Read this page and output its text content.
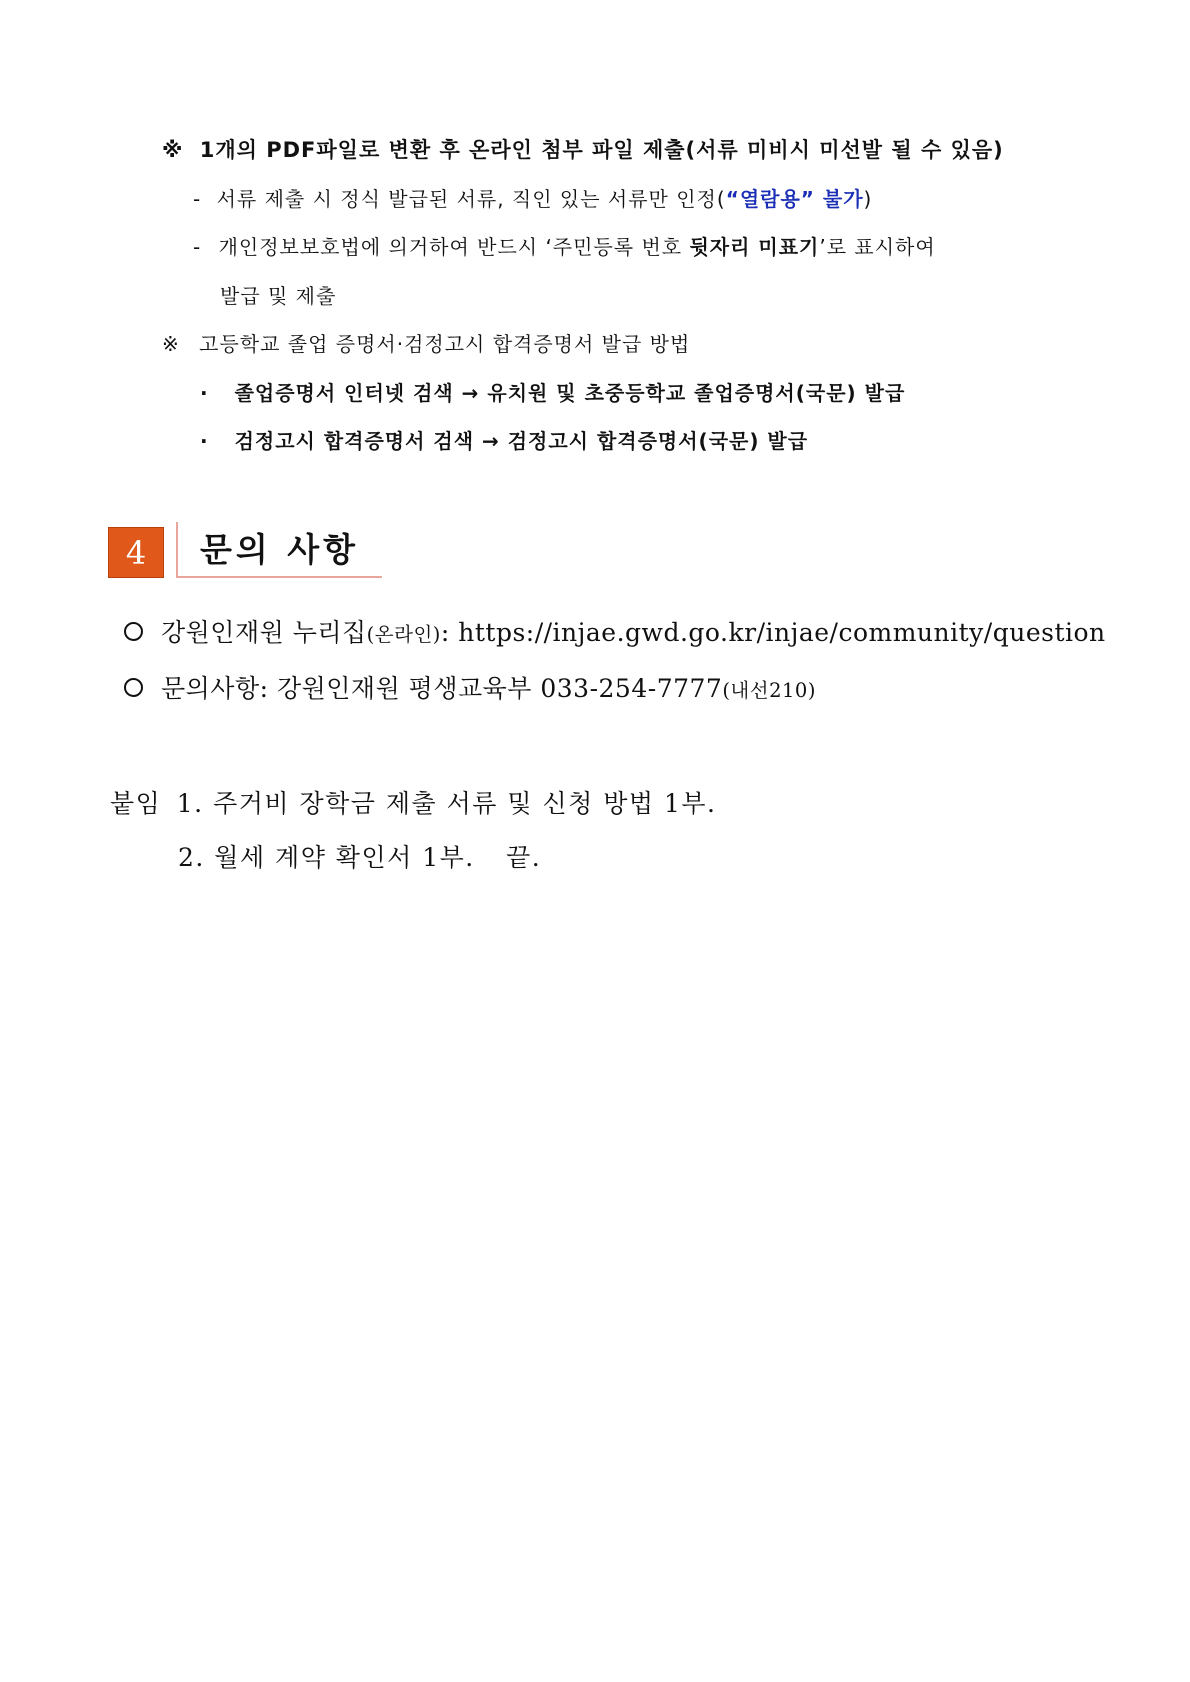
※ 1개의 PDF파일로 변환 후 온라인 첨부 파일 제출(서류 미비시 미선발 될 수 있음)
- 서류 제출 시 정식 발급된 서류, 직인 있는 서류만 인정(“열람용” 불가)
- 개인정보보호법에 의거하여 반드시 ‘주민등록 번호 뒷자리 미표기’로 표시하여
발급 및 제출
※ 고등학교 졸업 증명서·검정고시 합격증명서 발급 방법
· 졸업증명서 인터넷 검색 → 유치원 및 초중등학교 졸업증명서(국문) 발급
· 검정고시 합격증명서 검색 → 검정고시 합격증명서(국문) 발급
4	문의 사항
강원인재원 누리집(온라인): https://injae.gwd.go.kr/injae/community/question
문의사항: 강원인재원 평생교육부 033-254-7777(내선210)
붙임 1. 주거비 장학금 제출 서류 및 신청 방법 1부.
2. 월세 계약 확인서 1부. 끝.
